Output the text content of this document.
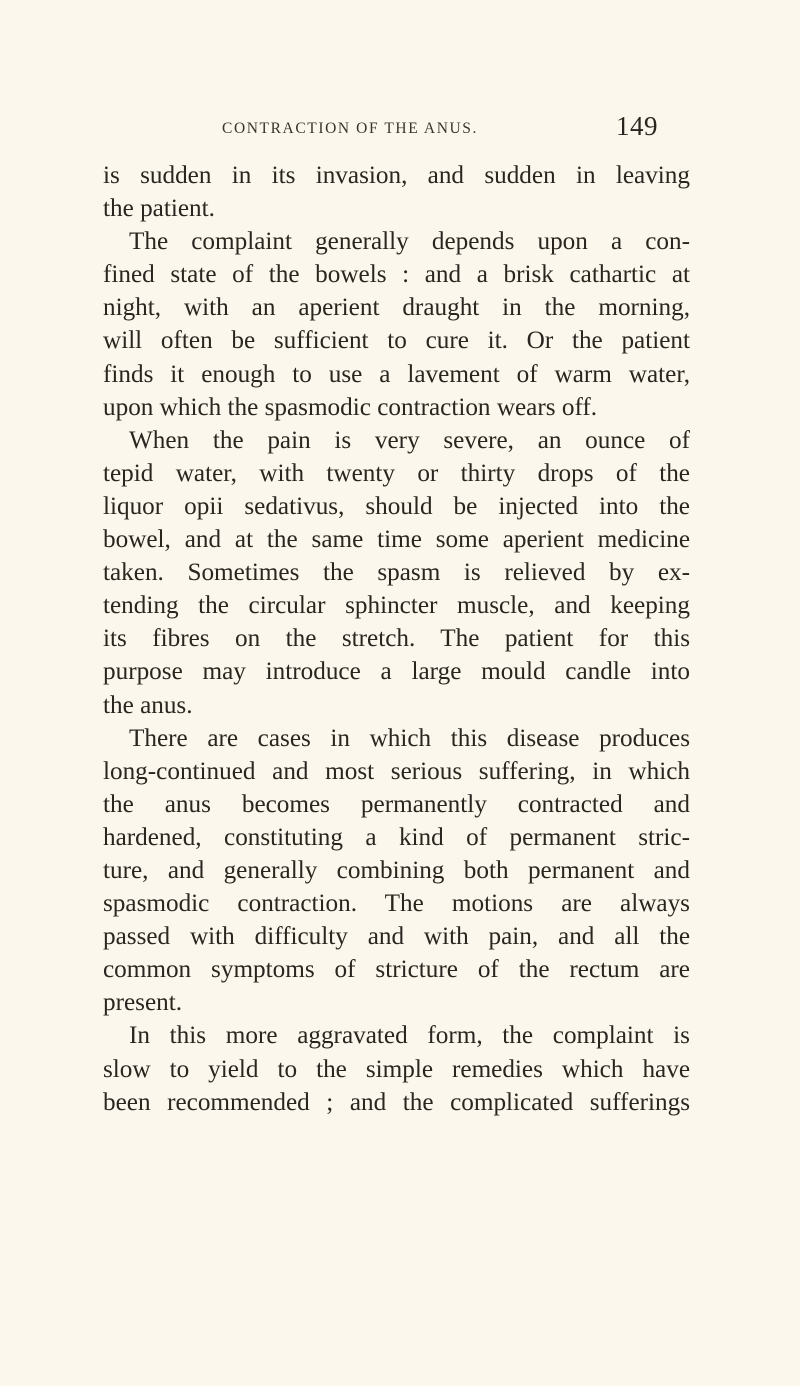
CONTRACTION OF THE ANUS.	149
is sudden in its invasion, and sudden in leaving
the patient.
The complaint generally depends upon a con-
fined state of the bowels : and a brisk cathartic at
night, with an aperient draught in the morning,
will often be sufficient to cure it. Or the patient
finds it enough to use a lavement of warm water,
upon which the spasmodic contraction wears off.
When the pain is very severe, an ounce of
tepid water, with twenty or thirty drops of the
liquor opii sedativus, should be injected into the
bowel, and at the same time some aperient medicine
taken. Sometimes the spasm is relieved by ex-
tending the circular sphincter muscle, and keeping
its fibres on the stretch. The patient for this
purpose may introduce a large mould candle into
the anus.
There are cases in which this disease produces
long-continued and most serious suffering, in which
the anus becomes permanently contracted and
hardened, constituting a kind of permanent stric-
ture, and generally combining both permanent and
spasmodic contraction. The motions are always
passed with difficulty and with pain, and all the
common symptoms of stricture of the rectum are
present.
In this more aggravated form, the complaint is
slow to yield to the simple remedies which have
been recommended ; and the complicated sufferings
